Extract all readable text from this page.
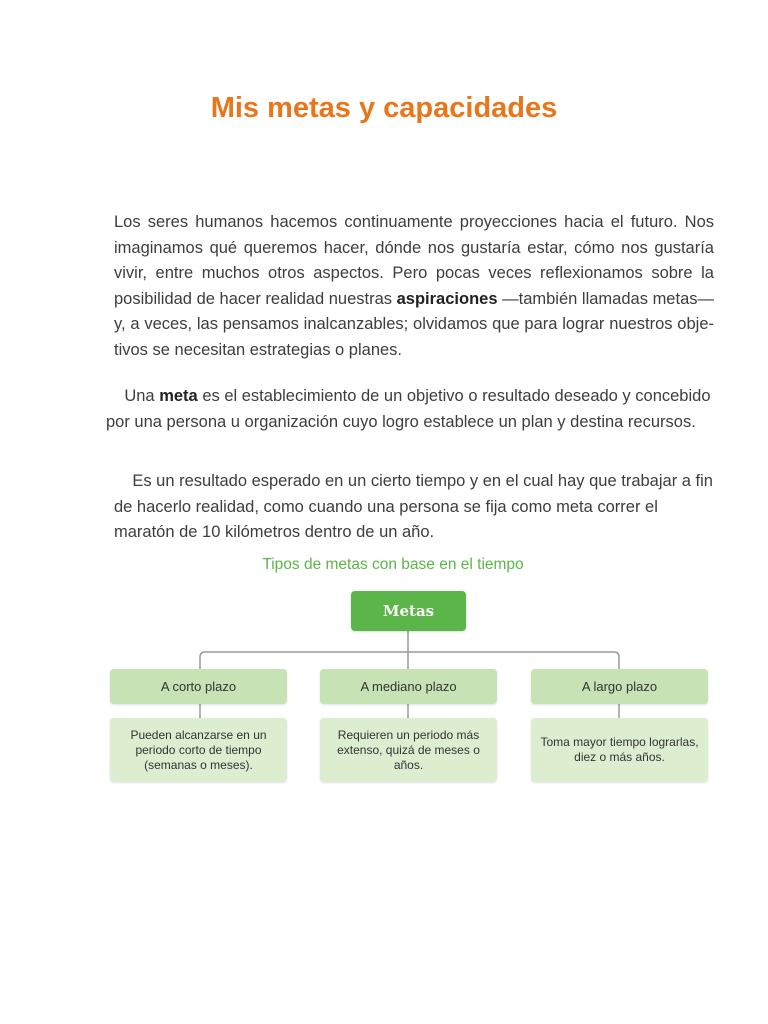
Mis metas y capacidades

Los seres humanos hacemos continuamente proyecciones hacia el futuro. Nos imaginamos qué queremos hacer, dónde nos gustaría estar, cómo nos gustaría vivir, entre muchos otros aspectos. Pero pocas veces reflexionamos sobre la posibilidad de hacer realidad nuestras aspiraciones —también llamadas metas— y, a veces, las pensamos inalcanzables; olvidamos que para lograr nuestros obje-tivos se necesitan estrategias o planes.

Una meta es el establecimiento de un objetivo o resultado deseado y concebido por una persona u organización cuyo logro establece un plan y destina recursos.

Es un resultado esperado en un cierto tiempo y en el cual hay que trabajar a fin de hacerlo realidad, como cuando una persona se fija como meta correr el maratón de 10 kilómetros dentro de un año.

Tipos de metas con base en el tiempo

Metas
A corto plazo	A mediano plazo	A largo plazo
Pueden alcanzarse en un periodo corto de tiempo (semanas o meses).
Requieren un periodo más extenso, quizá de meses o años.
Toma mayor tiempo lograrlas, diez o más años.
